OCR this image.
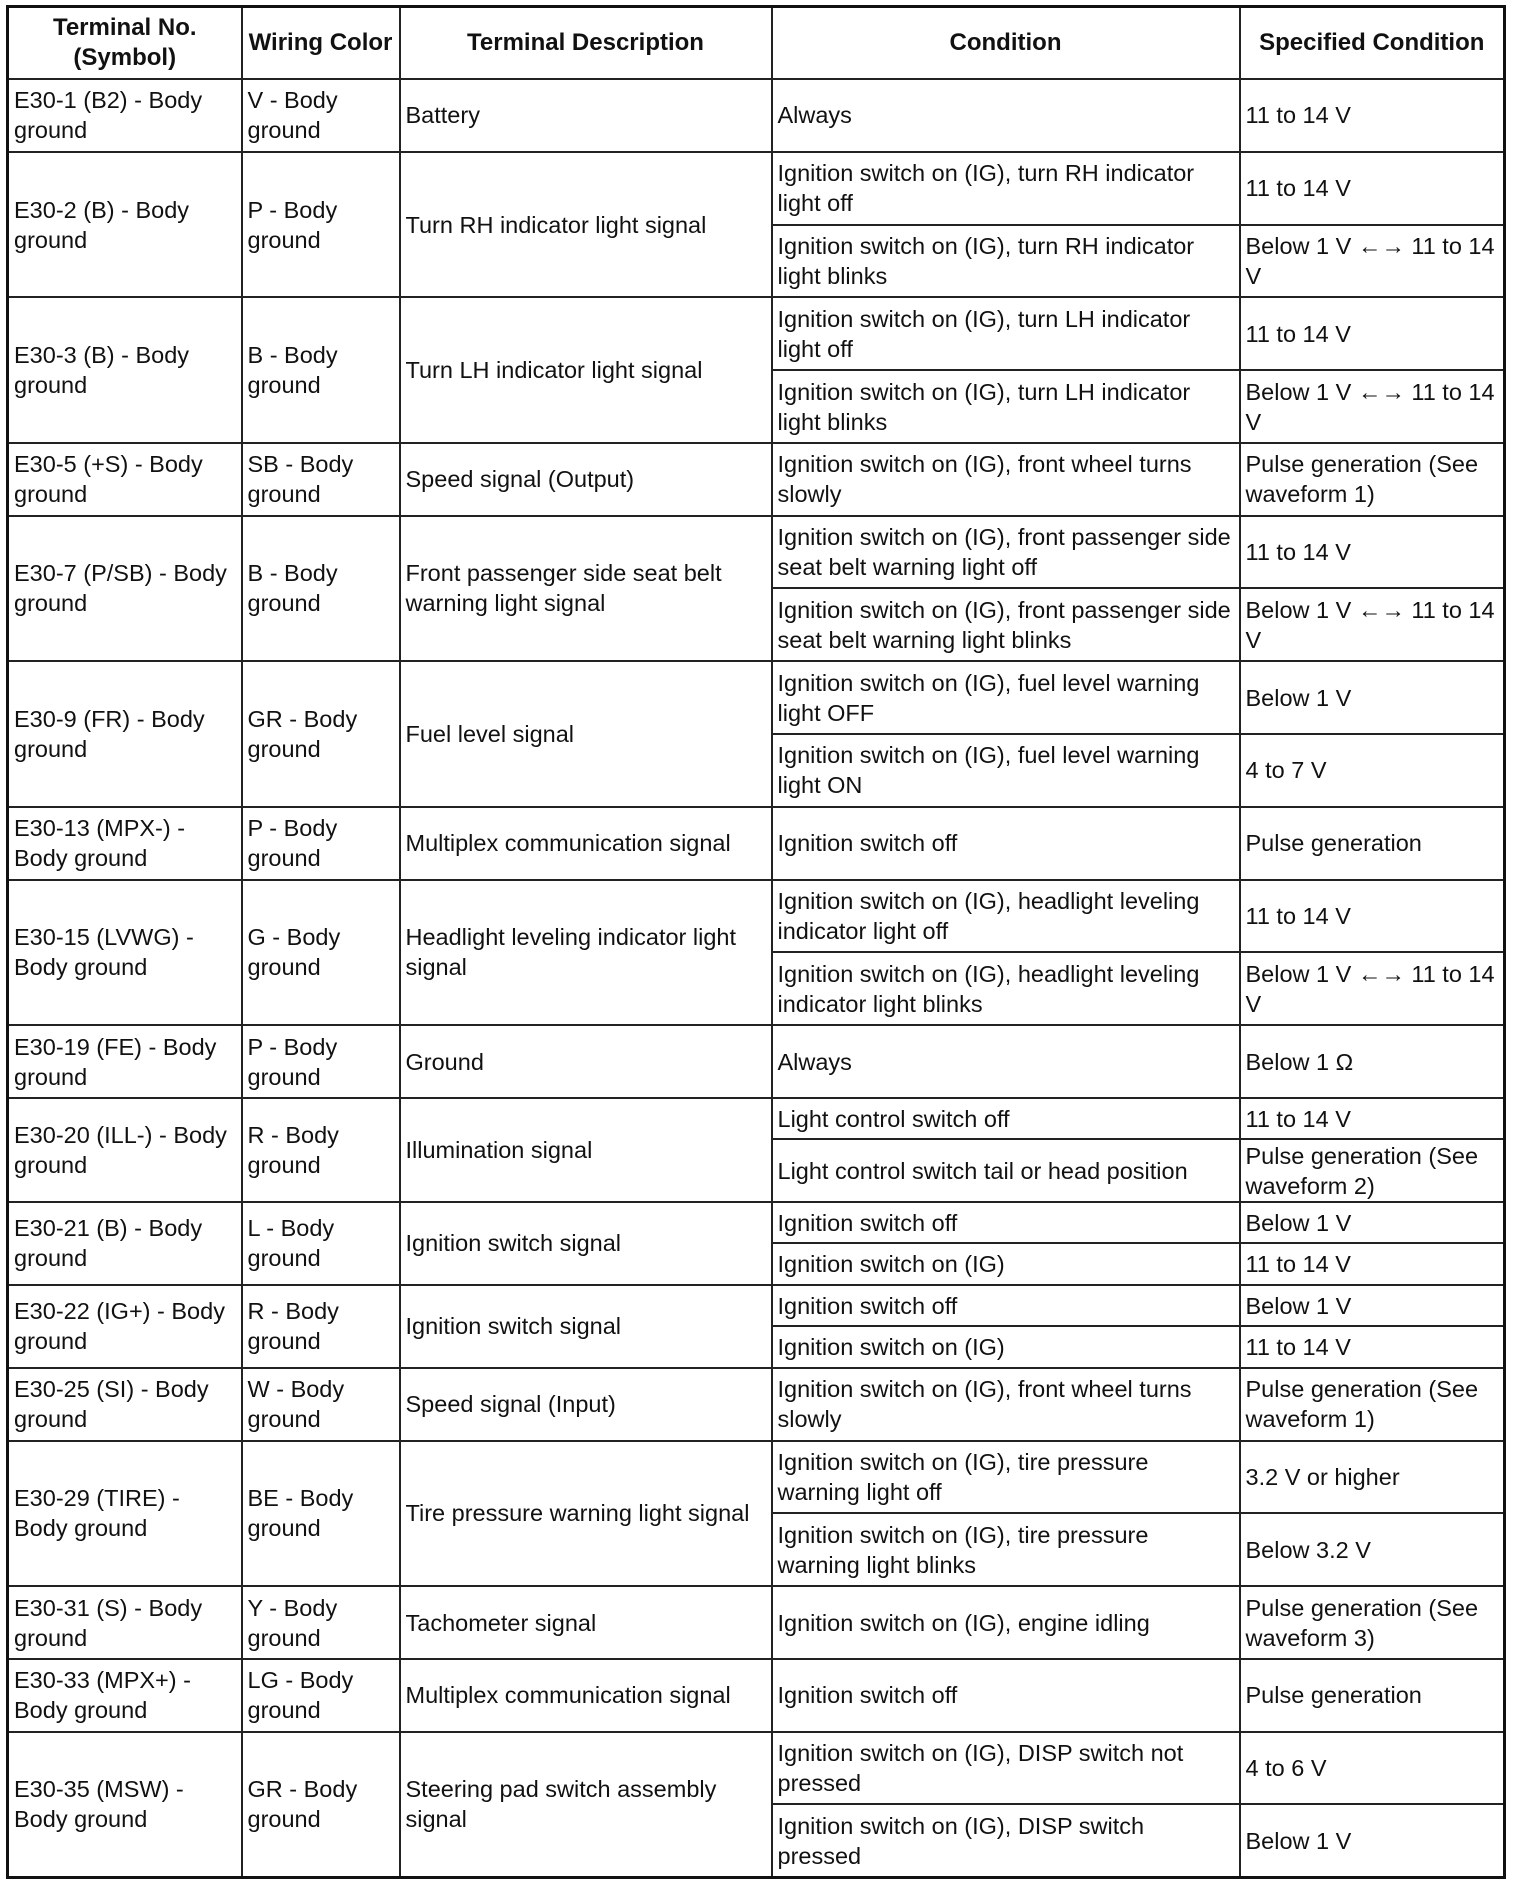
Terminal No. (Symbol)	Wiring Color	Terminal Description	Condition	Specified Condition
E30-1 (B2) - Body ground	V - Body ground	Battery	Always	11 to 14 V
E30-2 (B) - Body ground	P - Body ground	Turn RH indicator light signal	Ignition switch on (IG), turn RH indicator light off	11 to 14 V
			Ignition switch on (IG), turn RH indicator light blinks	Below 1 V ←→ 11 to 14 V
E30-3 (B) - Body ground	B - Body ground	Turn LH indicator light signal	Ignition switch on (IG), turn LH indicator light off	11 to 14 V
			Ignition switch on (IG), turn LH indicator light blinks	Below 1 V ←→ 11 to 14 V
E30-5 (+S) - Body ground	SB - Body ground	Speed signal (Output)	Ignition switch on (IG), front wheel turns slowly	Pulse generation (See waveform 1)
E30-7 (P/SB) - Body ground	B - Body ground	Front passenger side seat belt warning light signal	Ignition switch on (IG), front passenger side seat belt warning light off	11 to 14 V
			Ignition switch on (IG), front passenger side seat belt warning light blinks	Below 1 V ←→ 11 to 14 V
E30-9 (FR) - Body ground	GR - Body ground	Fuel level signal	Ignition switch on (IG), fuel level warning light OFF	Below 1 V
			Ignition switch on (IG), fuel level warning light ON	4 to 7 V
E30-13 (MPX-) - Body ground	P - Body ground	Multiplex communication signal	Ignition switch off	Pulse generation
E30-15 (LVWG) - Body ground	G - Body ground	Headlight leveling indicator light signal	Ignition switch on (IG), headlight leveling indicator light off	11 to 14 V
			Ignition switch on (IG), headlight leveling indicator light blinks	Below 1 V ←→ 11 to 14 V
E30-19 (FE) - Body ground	P - Body ground	Ground	Always	Below 1 Ω
E30-20 (ILL-) - Body ground	R - Body ground	Illumination signal	Light control switch off	11 to 14 V
			Light control switch tail or head position	Pulse generation (See waveform 2)
E30-21 (B) - Body ground	L - Body ground	Ignition switch signal	Ignition switch off	Below 1 V
			Ignition switch on (IG)	11 to 14 V
E30-22 (IG+) - Body ground	R - Body ground	Ignition switch signal	Ignition switch off	Below 1 V
			Ignition switch on (IG)	11 to 14 V
E30-25 (SI) - Body ground	W - Body ground	Speed signal (Input)	Ignition switch on (IG), front wheel turns slowly	Pulse generation (See waveform 1)
E30-29 (TIRE) - Body ground	BE - Body ground	Tire pressure warning light signal	Ignition switch on (IG), tire pressure warning light off	3.2 V or higher
			Ignition switch on (IG), tire pressure warning light blinks	Below 3.2 V
E30-31 (S) - Body ground	Y - Body ground	Tachometer signal	Ignition switch on (IG), engine idling	Pulse generation (See waveform 3)
E30-33 (MPX+) - Body ground	LG - Body ground	Multiplex communication signal	Ignition switch off	Pulse generation
E30-35 (MSW) - Body ground	GR - Body ground	Steering pad switch assembly signal	Ignition switch on (IG), DISP switch not pressed	4 to 6 V
			Ignition switch on (IG), DISP switch pressed	Below 1 V
